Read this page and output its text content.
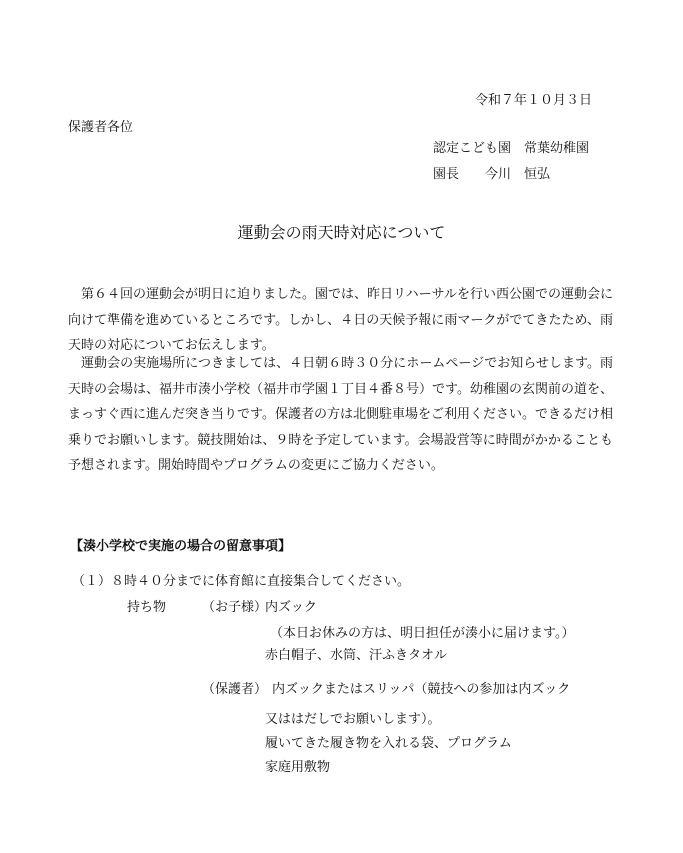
令和７年１０月３日
保護者各位
認定こども園　常葉幼稚園
園長　　今川　恒弘
運動会の雨天時対応について
　第６４回の運動会が明日に迫りました。園では、昨日リハーサルを行い西公園での運動会に向けて準備を進めているところです。しかし、４日の天候予報に雨マークがでてきたため、雨天時の対応についてお伝えします。
　運動会の実施場所につきましては、４日朝６時３０分にホームページでお知らせします。雨天時の会場は、福井市湊小学校（福井市学園１丁目４番８号）です。幼稚園の玄関前の道を、まっすぐ西に進んだ突き当りです。保護者の方は北側駐車場をご利用ください。できるだけ相乗りでお願いします。競技開始は、９時を予定しています。会場設営等に時間がかかることも予想されます。開始時間やプログラムの変更にご協力ください。
【湊小学校で実施の場合の留意事項】
（１）８時４０分までに体育館に直接集合してください。
持ち物	（お子様）
内ズック
（本日お休みの方は、明日担任が湊小に届けます。）
赤白帽子、水筒、汗ふきタオル
（保護者） 内ズックまたはスリッパ（競技への参加は内ズック
又ははだしでお願いします）。
履いてきた履き物を入れる袋、プログラム
家庭用敷物
